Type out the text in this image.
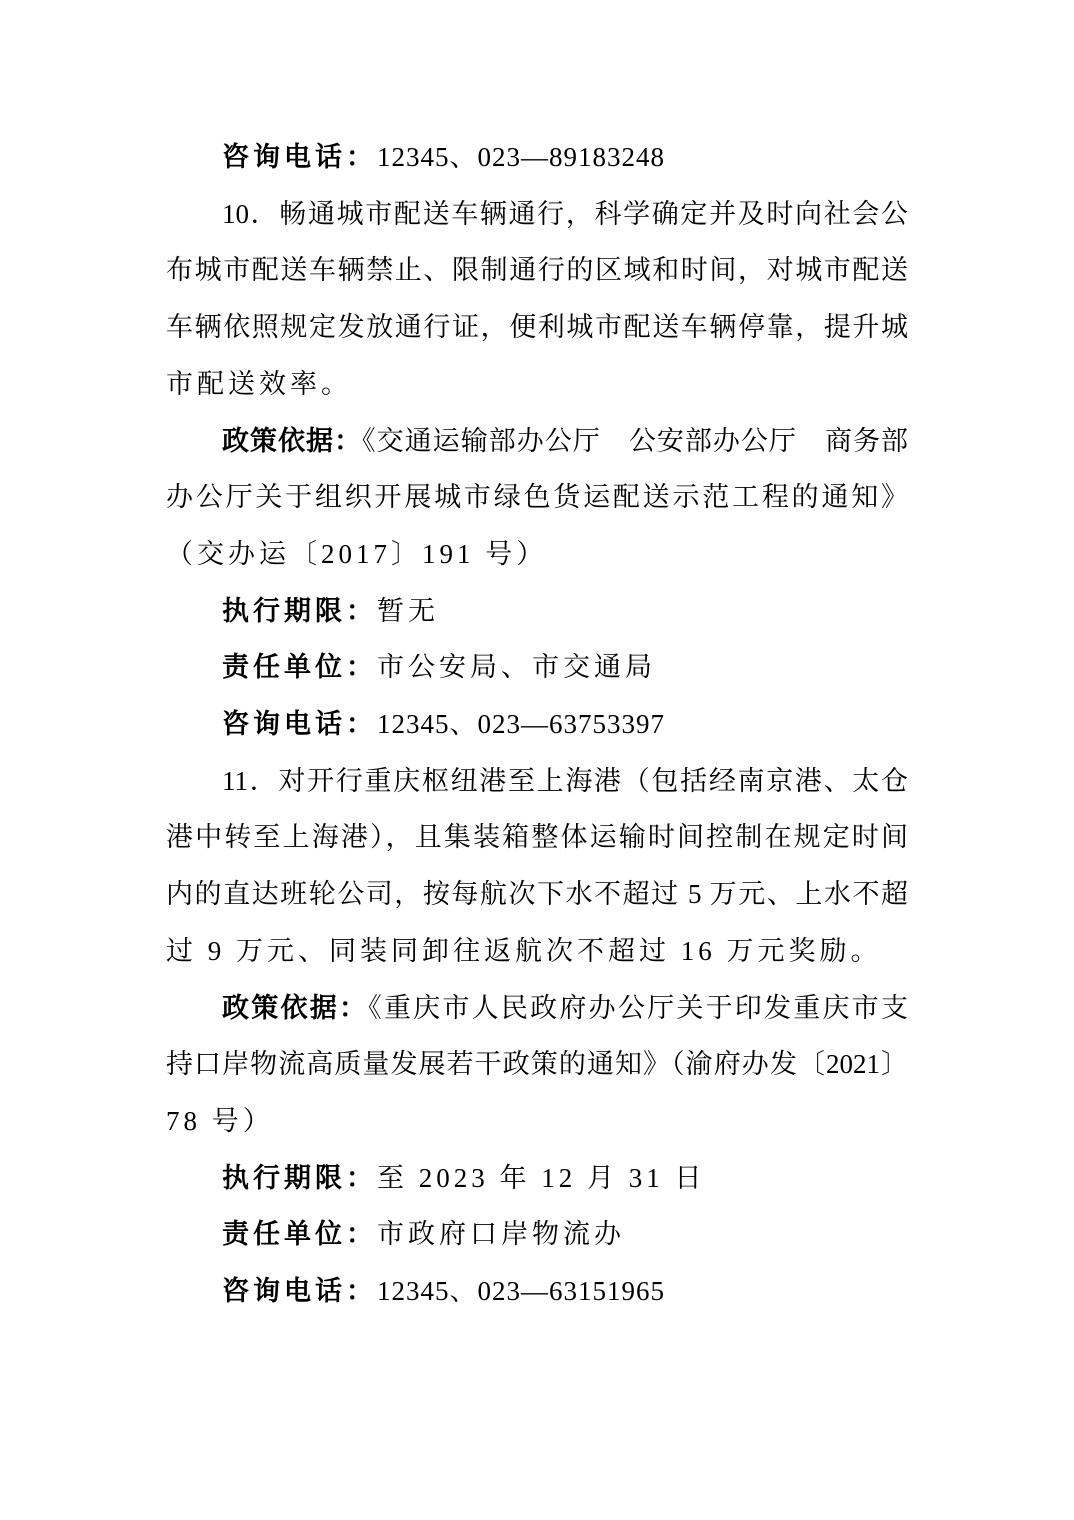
咨询电话：12345、023—89183248
10．畅通城市配送车辆通行，科学确定并及时向社会公
布城市配送车辆禁止、限制通行的区域和时间，对城市配送
车辆依照规定发放通行证，便利城市配送车辆停靠，提升城
市配送效率。
政策依据：《交通运输部办公厅　公安部办公厅　商务部
办公厅关于组织开展城市绿色货运配送示范工程的通知》
（交办运〔2017〕191 号）
执行期限：暂无
责任单位：市公安局、市交通局
咨询电话：12345、023—63753397
11．对开行重庆枢纽港至上海港（包括经南京港、太仓
港中转至上海港），且集装箱整体运输时间控制在规定时间
内的直达班轮公司，按每航次下水不超过 5 万元、上水不超
过 9 万元、同装同卸往返航次不超过 16 万元奖励。
政策依据：《重庆市人民政府办公厅关于印发重庆市支
持口岸物流高质量发展若干政策的通知》（渝府办发〔2021〕
78 号）
执行期限：至 2023 年 12 月 31 日
责任单位：市政府口岸物流办
咨询电话：12345、023—63151965
